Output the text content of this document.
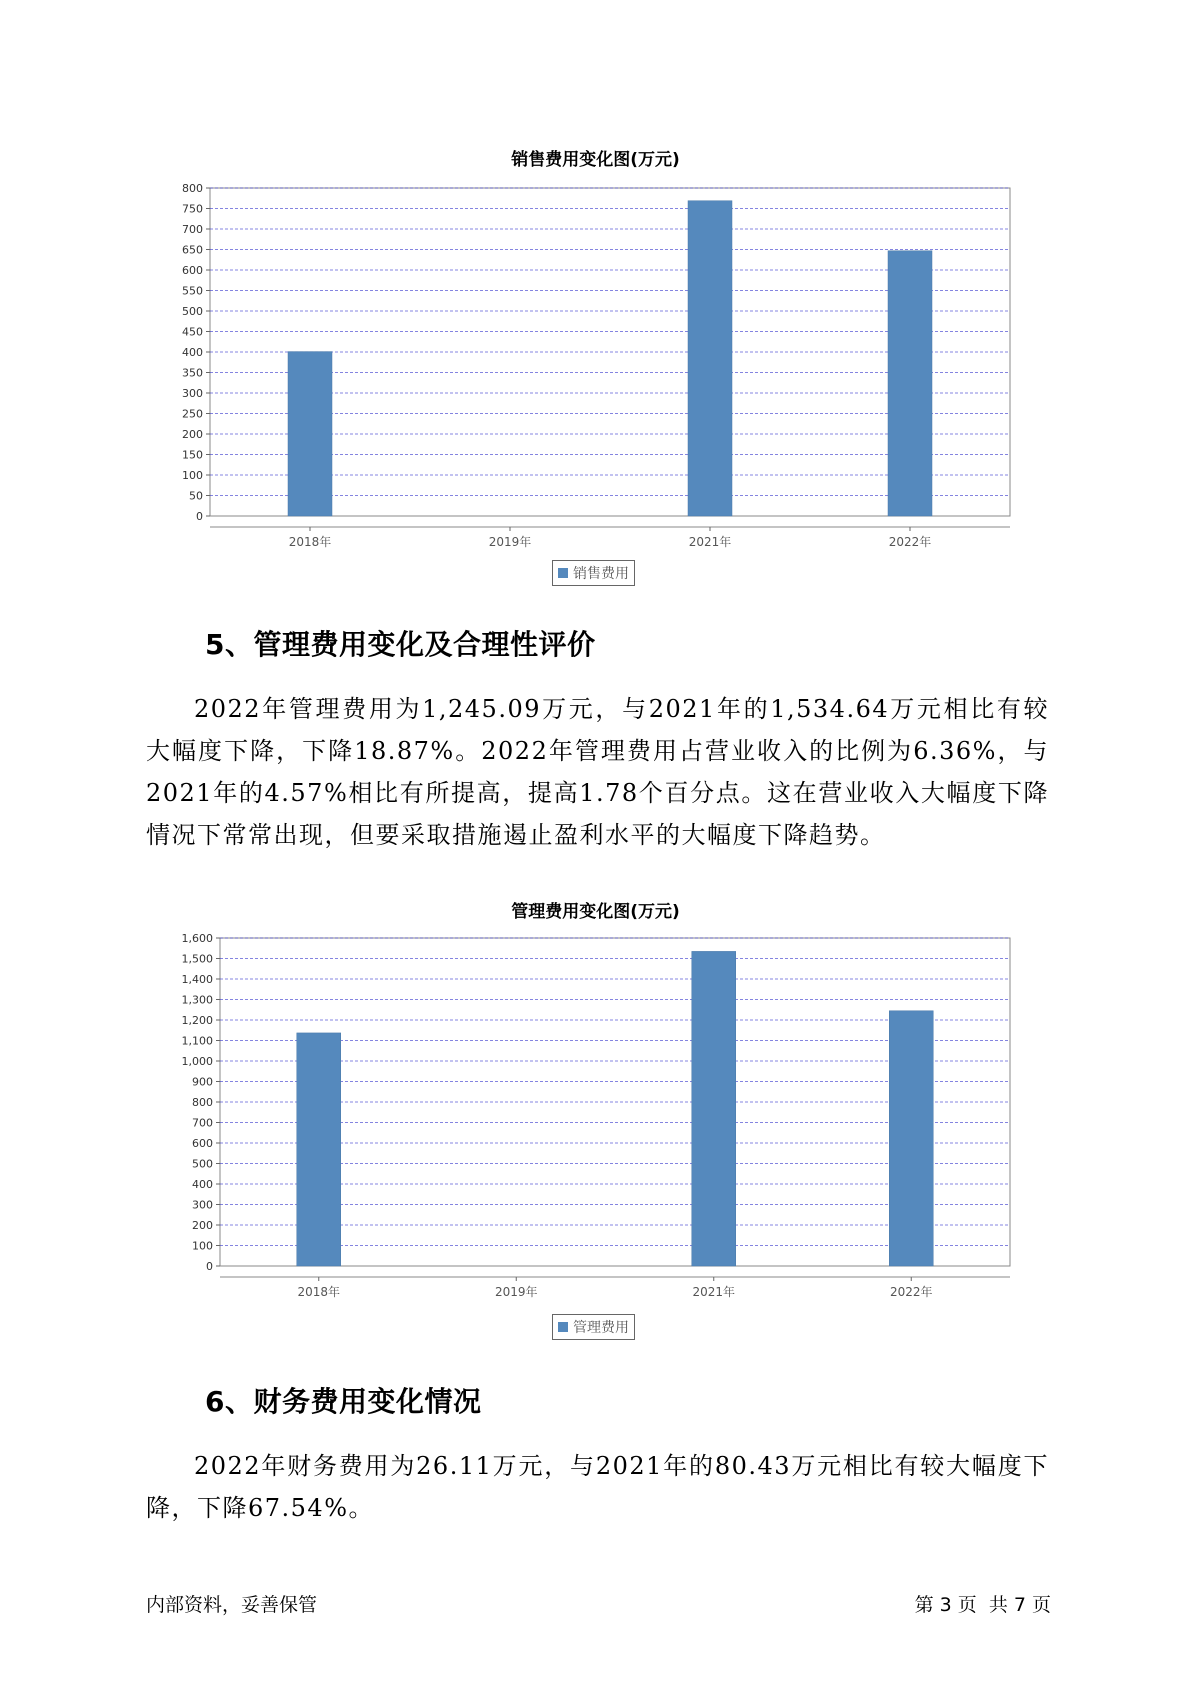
销售费用变化图(万元)
0
50
100
150
200
250
300
350
400
450
500
550
600
650
700
750
800
2018年	2019年	2021年	2022年
销售费用
5、管理费用变化及合理性评价
2022年管理费用为1,245.09万元，与2021年的1,534.64万元相比有较大幅度下降，下降18.87%。2022年管理费用占营业收入的比例为6.36%，与2021年的4.57%相比有所提高，提高1.78个百分点。这在营业收入大幅度下降情况下常常出现，但要采取措施遏止盈利水平的大幅度下降趋势。
管理费用变化图(万元)
0
100
200
300
400
500
600
700
800
900
1,000
1,100
1,200
1,300
1,400
1,500
1,600
2018年	2019年	2021年	2022年
管理费用
6、财务费用变化情况
2022年财务费用为26.11万元，与2021年的80.43万元相比有较大幅度下降，下降67.54%。
内部资料，妥善保管	第 3 页  共 7 页
